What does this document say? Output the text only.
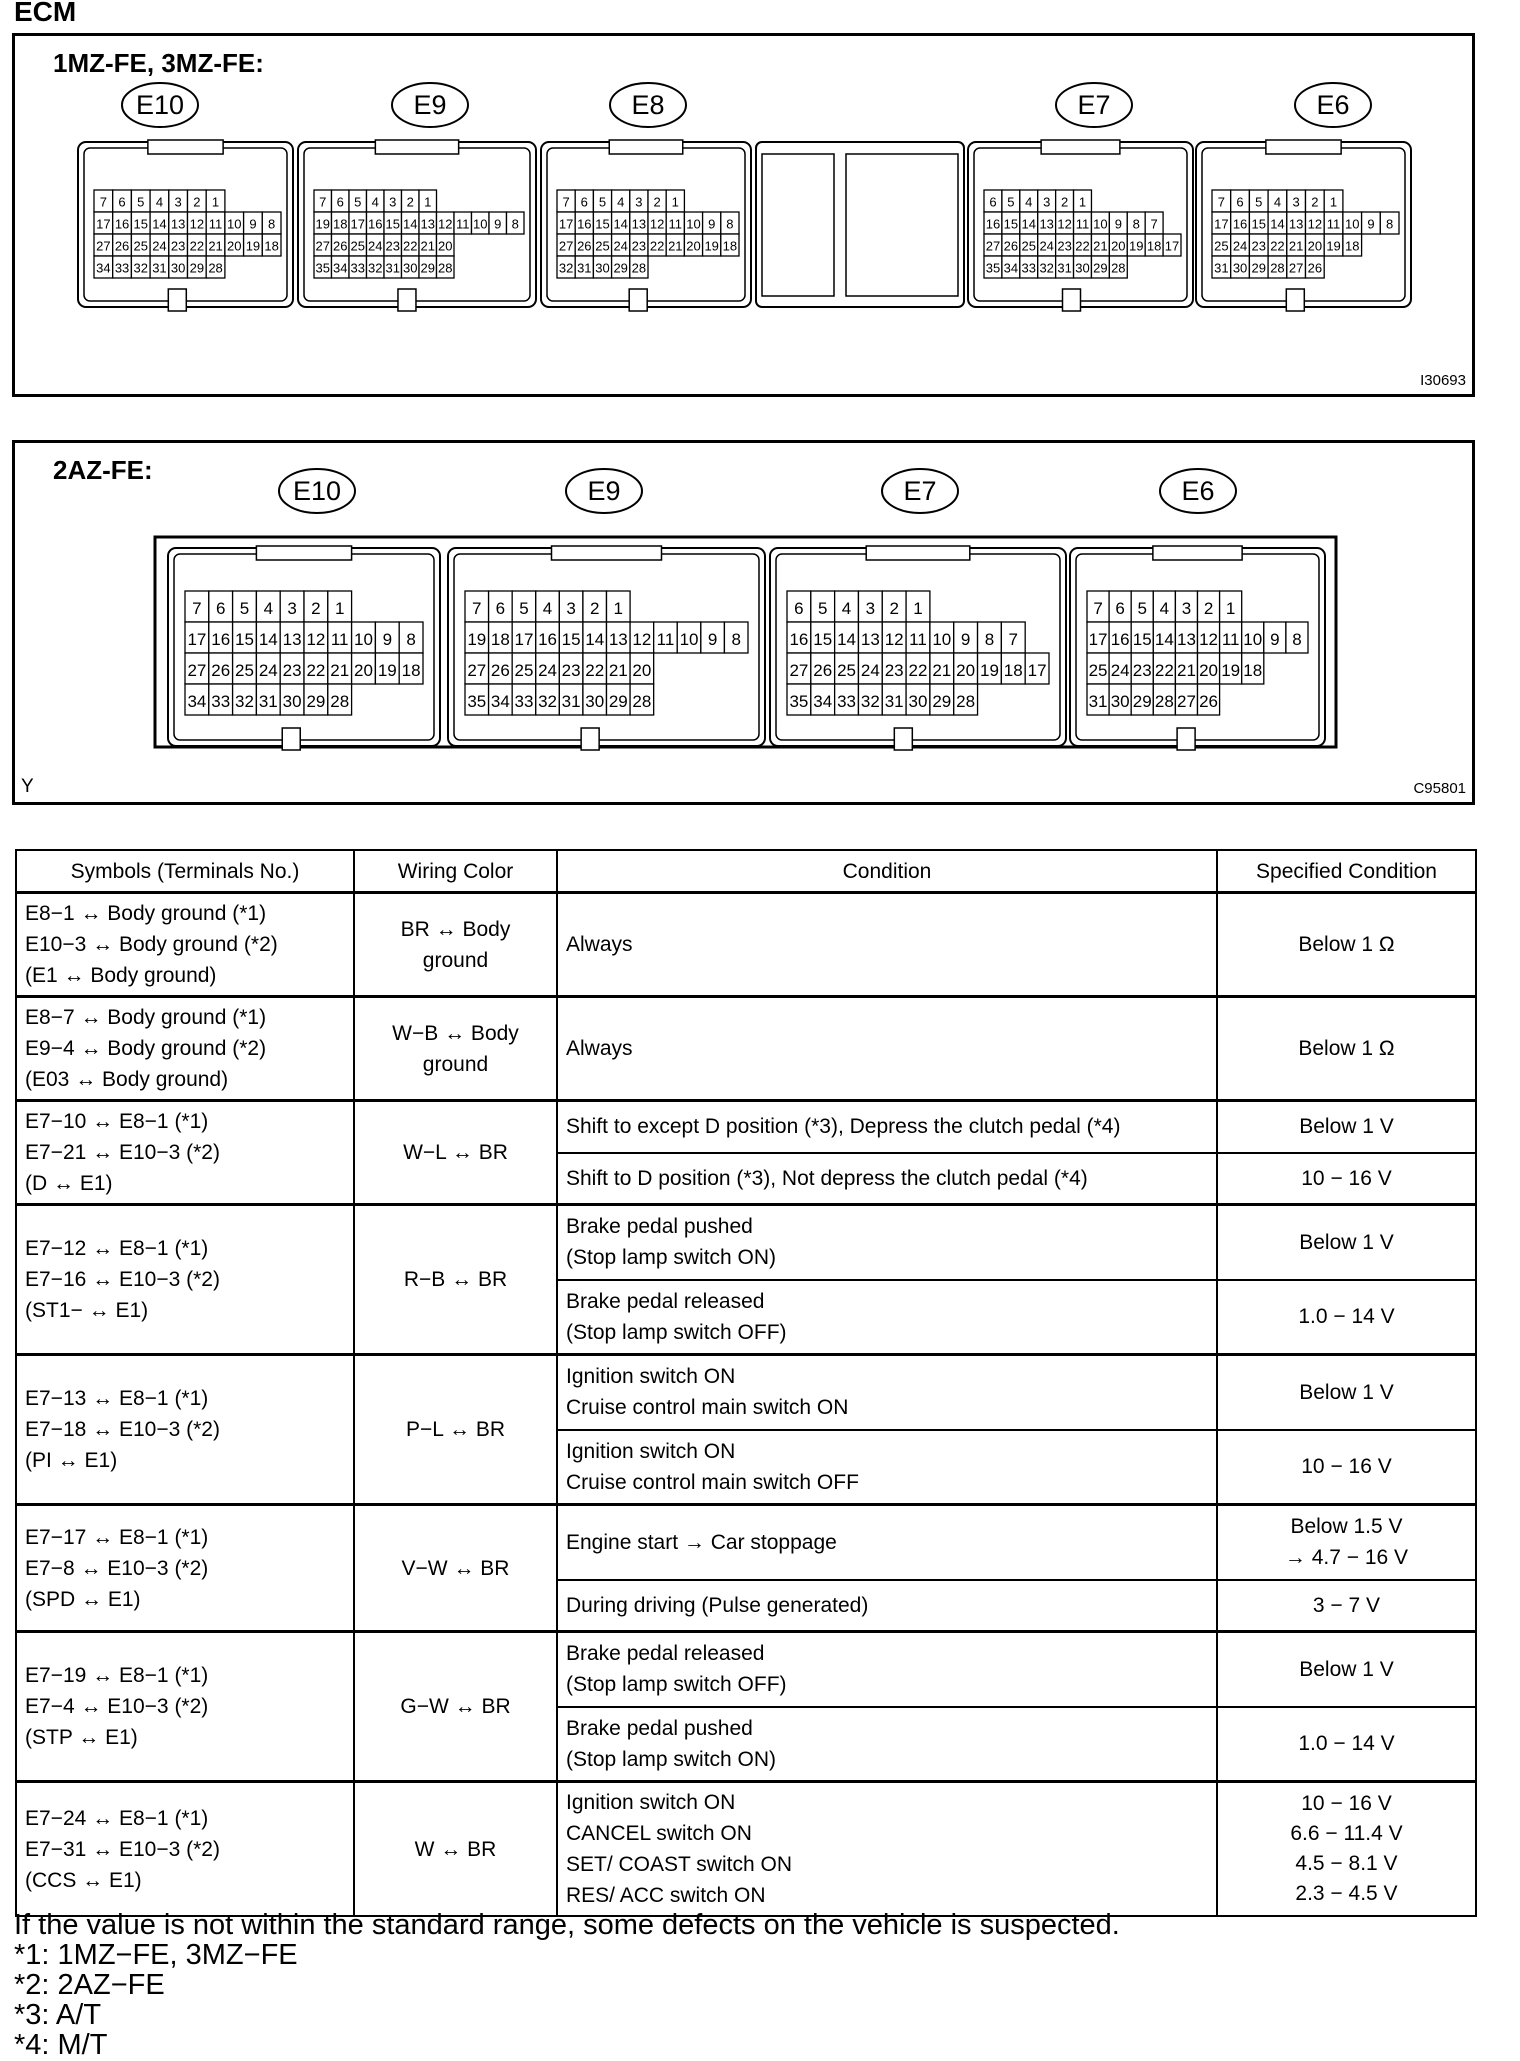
ECM
1MZ-FE, 3MZ-FE:
I30693
2AZ-FE:
Y	C95801
7 6 5 4 3 2 1
17 16 15 14 13 12 11 10 9 8
27 26 25 24 23 22 21 20 19 18
34 33 32 31 30 29 28
E10
7 6 5 4 3 2 1
19 18 17 16 15 14 13 12 11 10 9 8
27 26 25 24 23 22 21 20
35 34 33 32 31 30 29 28
E9
7 6 5 4 3 2 1
17 16 15 14 13 12 11 10 9 8
27 26 25 24 23 22 21 20 19 18
32 31 30 29 28
E8
6 5 4 3 2 1
16 15 14 13 12 11 10 9 8 7
27 26 25 24 23 22 21 20 19 18 17
35 34 33 32 31 30 29 28
E7
7 6 5 4 3 2 1
17 16 15 14 13 12 11 10 9 8
25 24 23 22 21 20 19 18
31 30 29 28 27 26
E6
7 6 5 4 3 2 1
17 16 15 14 13 12 11 10 9 8
27 26 25 24 23 22 21 20 19 18
34 33 32 31 30 29 28
E10
7 6 5 4 3 2 1
19 18 17 16 15 14 13 12 11 10 9 8
27 26 25 24 23 22 21 20
35 34 33 32 31 30 29 28
E9
6 5 4 3 2 1
16 15 14 13 12 11 10 9 8 7
27 26 25 24 23 22 21 20 19 18 17
35 34 33 32 31 30 29 28
E7
7 6 5 4 3 2 1
17 16 15 14 13 12 11 10 9 8
25 24 23 22 21 20 19 18
31 30 29 28 27 26
E6
Symbols (Terminals No.)	Wiring Color	Condition	Specified Condition

E8−1 ↔ Body ground (*1)
E10−3 ↔ Body ground (*2)
(E1 ↔ Body ground)	BR ↔ Body
ground	Always	Below 1 Ω

E8−7 ↔ Body ground (*1)
E9−4 ↔ Body ground (*2)
(E03 ↔ Body ground)	W−B ↔ Body
ground	Always	Below 1 Ω

E7−10 ↔ E8−1 (*1)
E7−21 ↔ E10−3 (*2)
(D ↔ E1)	W−L ↔ BR	Shift to except D position (*3), Depress the clutch pedal (*4)	Below 1 V

		Shift to D position (*3), Not depress the clutch pedal (*4)	10 − 16 V

E7−12 ↔ E8−1 (*1)
E7−16 ↔ E10−3 (*2)
(ST1− ↔ E1)	R−B ↔ BR	Brake pedal pushed
(Stop lamp switch ON)	Below 1 V

		Brake pedal released
(Stop lamp switch OFF)	1.0 − 14 V

E7−13 ↔ E8−1 (*1)
E7−18 ↔ E10−3 (*2)
(PI ↔ E1)	P−L ↔ BR	Ignition switch ON
Cruise control main switch ON	Below 1 V

		Ignition switch ON
Cruise control main switch OFF	10 − 16 V

E7−17 ↔ E8−1 (*1)
E7−8 ↔ E10−3 (*2)
(SPD ↔ E1)	V−W ↔ BR	Engine start → Car stoppage	Below 1.5 V
→ 4.7 − 16 V

		During driving (Pulse generated)	3 − 7 V

E7−19 ↔ E8−1 (*1)
E7−4 ↔ E10−3 (*2)
(STP ↔ E1)	G−W ↔ BR	Brake pedal released
(Stop lamp switch OFF)	Below 1 V

		Brake pedal pushed
(Stop lamp switch ON)	1.0 − 14 V

E7−24 ↔ E8−1 (*1)
E7−31 ↔ E10−3 (*2)
(CCS ↔ E1)	W ↔ BR	Ignition switch ON
CANCEL switch ON
SET/ COAST switch ON
RES/ ACC switch ON	10 − 16 V
6.6 − 11.4 V
4.5 − 8.1 V
2.3 − 4.5 V
If the value is not within the standard range, some defects on the vehicle is suspected.
*1: 1MZ−FE, 3MZ−FE
*2: 2AZ−FE
*3: A/T
*4: M/T
